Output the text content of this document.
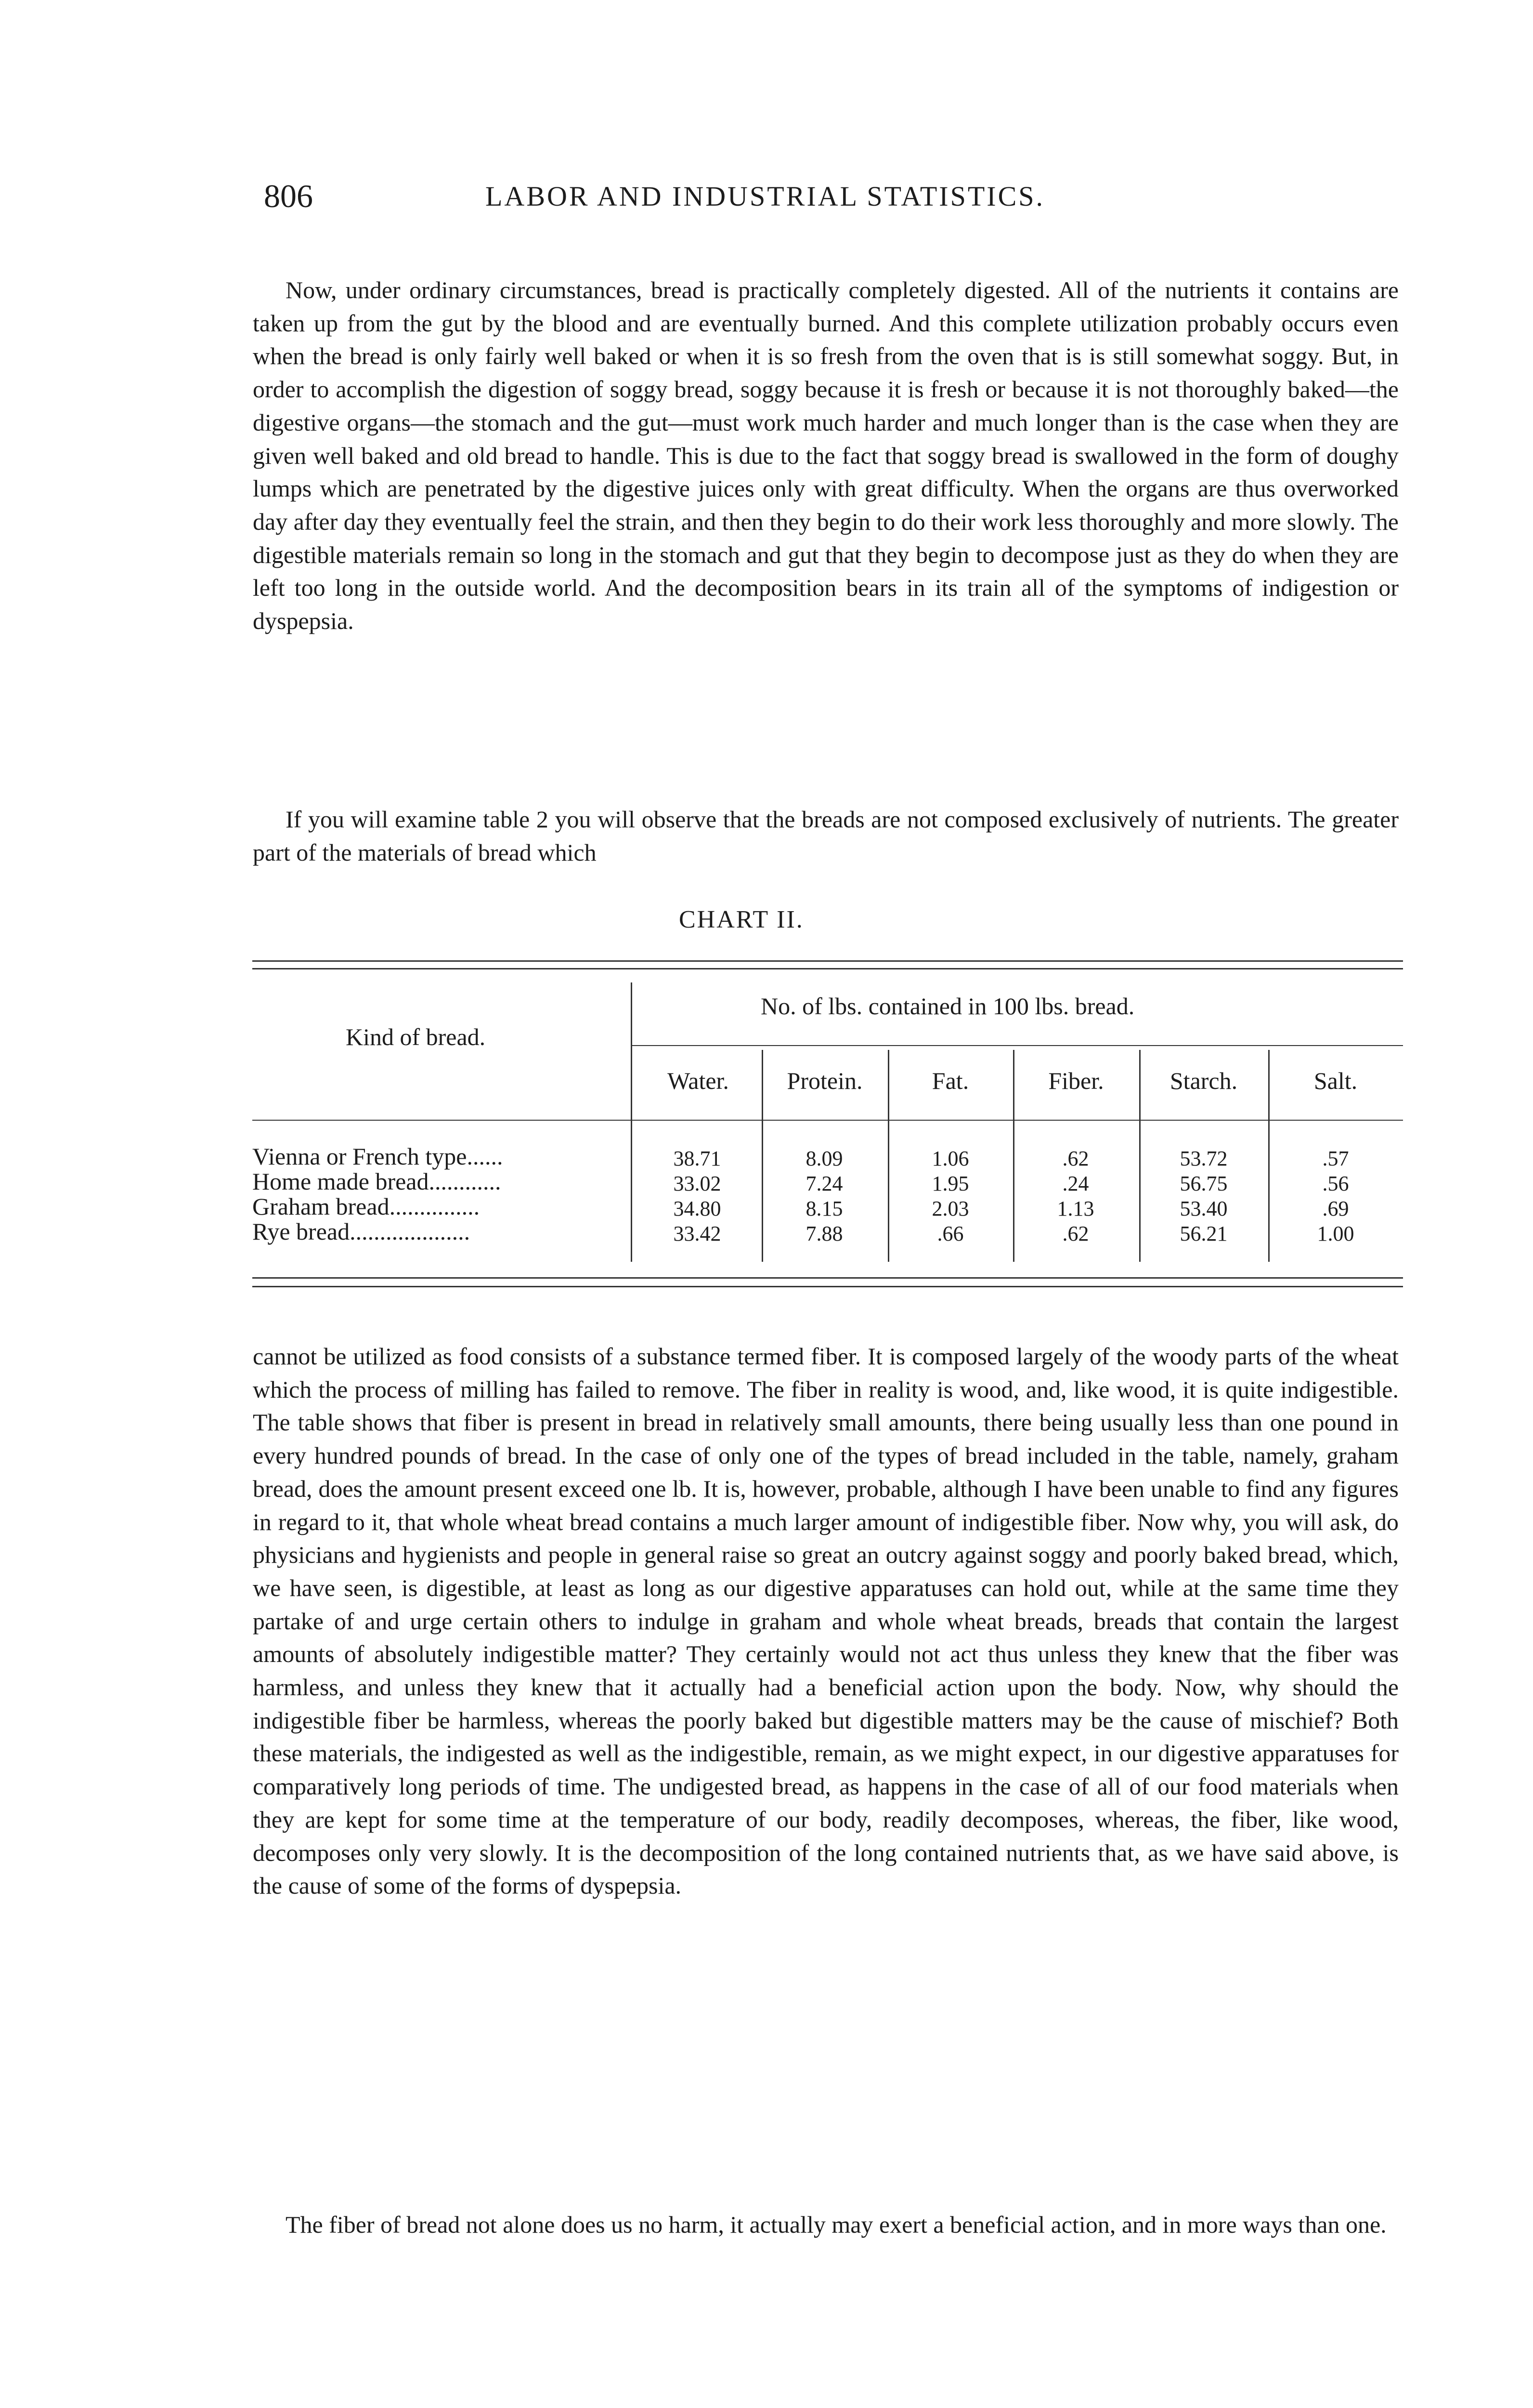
806	LABOR AND INDUSTRIAL STATISTICS.

Now, under ordinary circumstances, bread is practically completely digested. All of the nutrients it contains are taken up from the gut by the blood and are eventually burned. And this complete utilization probably occurs even when the bread is only fairly well baked or when it is so fresh from the oven that is is still somewhat soggy. But, in order to accomplish the digestion of soggy bread, soggy because it is fresh or because it is not thoroughly baked—the digestive organs—the stomach and the gut—must work much harder and much longer than is the case when they are given well baked and old bread to handle. This is due to the fact that soggy bread is swallowed in the form of doughy lumps which are penetrated by the digestive juices only with great difficulty. When the organs are thus overworked day after day they eventually feel the strain, and then they begin to do their work less thoroughly and more slowly. The digestible materials remain so long in the stomach and gut that they begin to decompose just as they do when they are left too long in the outside world. And the decomposition bears in its train all of the symptoms of indigestion or dyspepsia.

If you will examine table 2 you will observe that the breads are not composed exclusively of nutrients. The greater part of the materials of bread which

CHART II.
Kind of bread.
No. of lbs. contained in 100 lbs. bread.
Water.	Protein.	Fat.	Fiber.	Starch.	Salt.
Vienna or French type......	38.71	8.09	1.06	.62	53.72	.57
Home made bread............	33.02	7.24	1.95	.24	56.75	.56
Graham bread...............	34.80	8.15	2.03	1.13	53.40	.69
Rye bread....................	33.42	7.88	.66	.62	56.21	1.00

cannot be utilized as food consists of a substance termed fiber. It is composed largely of the woody parts of the wheat which the process of milling has failed to remove. The fiber in reality is wood, and, like wood, it is quite indigestible. The table shows that fiber is present in bread in relatively small amounts, there being usually less than one pound in every hundred pounds of bread. In the case of only one of the types of bread included in the table, namely, graham bread, does the amount present exceed one lb. It is, however, probable, although I have been unable to find any figures in regard to it, that whole wheat bread contains a much larger amount of indigestible fiber. Now why, you will ask, do physicians and hygienists and people in general raise so great an outcry against soggy and poorly baked bread, which, we have seen, is digestible, at least as long as our digestive apparatuses can hold out, while at the same time they partake of and urge certain others to indulge in graham and whole wheat breads, breads that contain the largest amounts of absolutely indigestible matter? They certainly would not act thus unless they knew that the fiber was harmless, and unless they knew that it actually had a beneficial action upon the body. Now, why should the indigestible fiber be harmless, whereas the poorly baked but digestible matters may be the cause of mischief? Both these materials, the indigested as well as the indigestible, remain, as we might expect, in our digestive apparatuses for comparatively long periods of time. The undigested bread, as happens in the case of all of our food materials when they are kept for some time at the temperature of our body, readily decomposes, whereas, the fiber, like wood, decomposes only very slowly. It is the decomposition of the long contained nutrients that, as we have said above, is the cause of some of the forms of dyspepsia.

The fiber of bread not alone does us no harm, it actually may exert a beneficial action, and in more ways than one.
